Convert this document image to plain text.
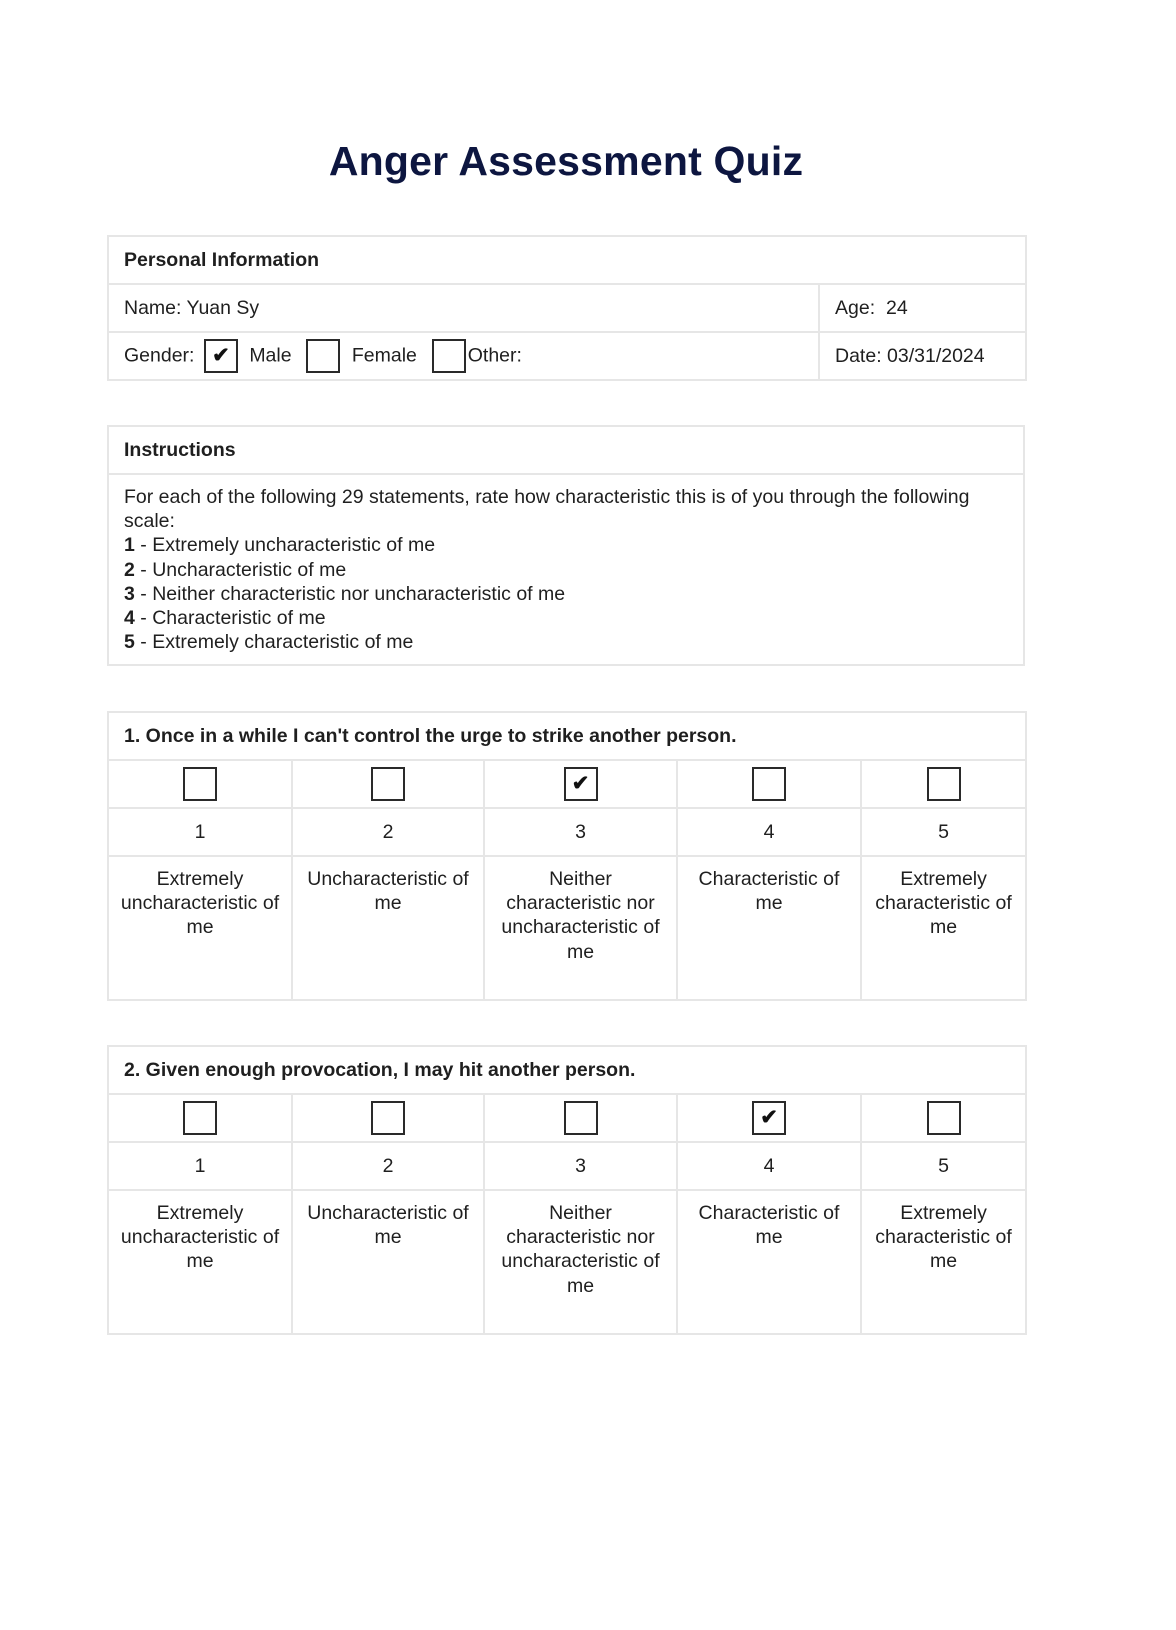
Anger Assessment Quiz
Personal Information	
Name: Yuan Sy	Age: 24
Gender: ✔ Male Female Other:	Date: 03/31/2024
Instructions

For each of the following 29 statements, rate how characteristic this is of you through the following scale:
1 - Extremely uncharacteristic of me
2 - Uncharacteristic of me
3 - Neither characteristic nor uncharacteristic of me
4 - Characteristic of me
5 - Extremely characteristic of me
1. Once in a while I can't control the urge to strike another person.				
		✔		
1	2	3	4	5
Extremely uncharacteristic of me	Uncharacteristic of me	Neither characteristic nor uncharacteristic of me	Characteristic of me	Extremely characteristic of me
2. Given enough provocation, I may hit another person.				
			✔	
1	2	3	4	5
Extremely uncharacteristic of me	Uncharacteristic of me	Neither characteristic nor uncharacteristic of me	Characteristic of me	Extremely characteristic of me
